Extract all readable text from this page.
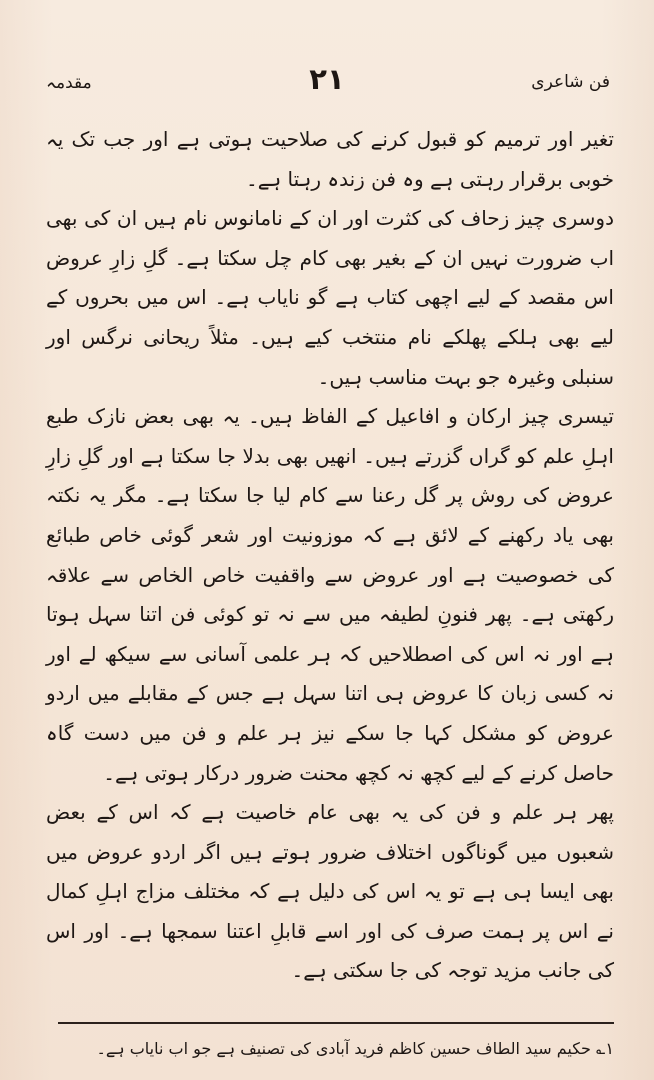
فن شاعری
۲۱
مقدمہ

تغیر اور ترمیم کو قبول کرنے کی صلاحیت ہوتی ہے اور جب تک یہ خوبی برقرار رہتی ہے وہ فن زندہ رہتا ہے۔

دوسری چیز زحاف کی کثرت اور ان کے نامانوس نام ہیں ان کی بھی اب ضرورت نہیں ان کے بغیر بھی کام چل سکتا ہے۔ گلِ زارِ عروض اس مقصد کے لیے اچھی کتاب ہے گو نایاب ہے۔ اس میں بحروں کے لیے بھی ہلکے پھلکے نام منتخب کیے ہیں۔ مثلاً ریحانی نرگس اور سنبلی وغیرہ جو بہت مناسب ہیں۔

تیسری چیز ارکان و افاعیل کے الفاظ ہیں۔ یہ بھی بعض نازک طبع اہلِ علم کو گراں گزرتے ہیں۔ انھیں بھی بدلا جا سکتا ہے اور گلِ زارِ عروض کی روش پر گل رعنا سے کام لیا جا سکتا ہے۔ مگر یہ نکتہ بھی یاد رکھنے کے لائق ہے کہ موزونیت اور شعر گوئی خاص طبائع کی خصوصیت ہے اور عروض سے واقفیت خاص الخاص سے علاقہ رکھتی ہے۔ پھر فنونِ لطیفہ میں سے نہ تو کوئی فن اتنا سہل ہوتا ہے اور نہ اس کی اصطلاحیں کہ ہر علمی آسانی سے سیکھ لے اور نہ کسی زبان کا عروض ہی اتنا سہل ہے جس کے مقابلے میں اردو عروض کو مشکل کہا جا سکے نیز ہر علم و فن میں دست گاہ حاصل کرنے کے لیے کچھ نہ کچھ محنت ضرور درکار ہوتی ہے۔

پھر ہر علم و فن کی یہ بھی عام خاصیت ہے کہ اس کے بعض شعبوں میں گوناگوں اختلاف ضرور ہوتے ہیں اگر اردو عروض میں بھی ایسا ہی ہے تو یہ اس کی دلیل ہے کہ مختلف مزاج اہلِ کمال نے اس پر ہمت صرف کی اور اسے قابلِ اعتنا سمجھا ہے۔ اور اس کی جانب مزید توجہ کی جا سکتی ہے۔

۱؎ حکیم سید الطاف حسین کاظم فرید آبادی کی تصنیف ہے جو اب نایاب ہے۔
